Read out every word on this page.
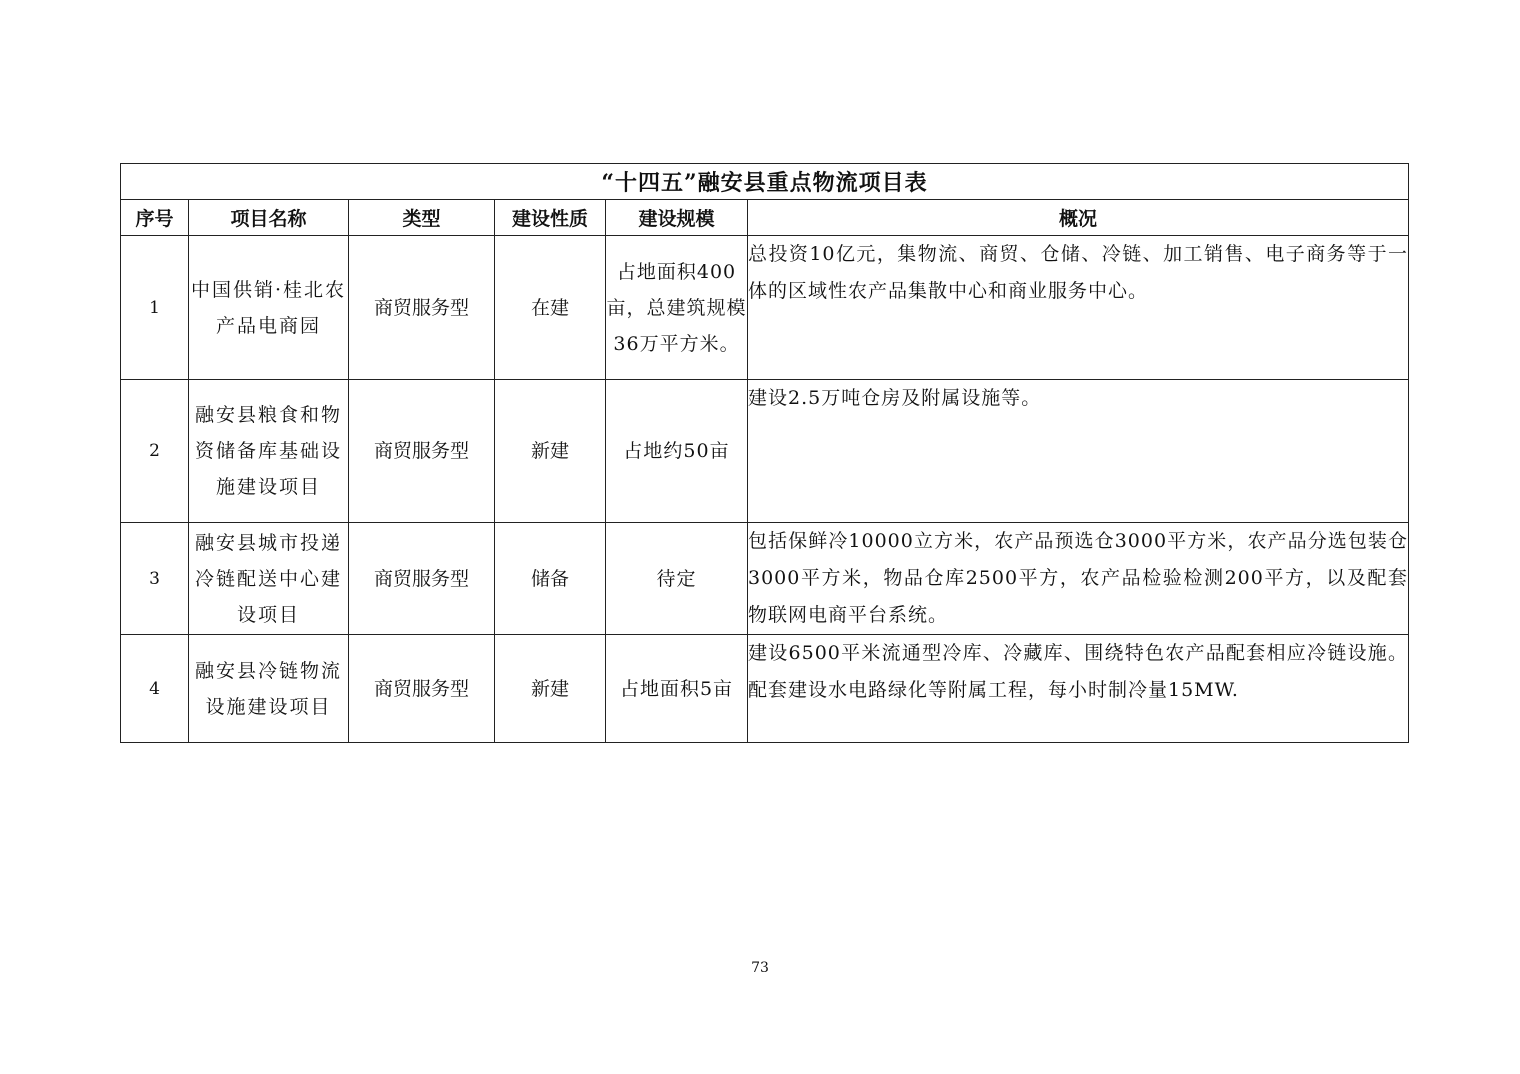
“十四五”融安县重点物流项目表					
序号	项目名称	类型	建设性质	建设规模	概况
1	中国供销·桂北农产品电商园	商贸服务型	在建	占地面积400亩，总建筑规模36万平方米。	总投资10亿元，集物流、商贸、仓储、冷链、加工销售、电子商务等于一体的区域性农产品集散中心和商业服务中心。
2	融安县粮食和物资储备库基础设施建设项目	商贸服务型	新建	占地约50亩	建设2.5万吨仓房及附属设施等。
3	融安县城市投递冷链配送中心建设项目	商贸服务型	储备	待定	包括保鲜冷10000立方米，农产品预选仓3000平方米，农产品分选包装仓3000平方米，物品仓库2500平方，农产品检验检测200平方，以及配套物联网电商平台系统。
4	融安县冷链物流设施建设项目	商贸服务型	新建	占地面积5亩	建设6500平米流通型冷库、冷藏库、围绕特色农产品配套相应冷链设施。配套建设水电路绿化等附属工程，每小时制冷量15MW.
73
